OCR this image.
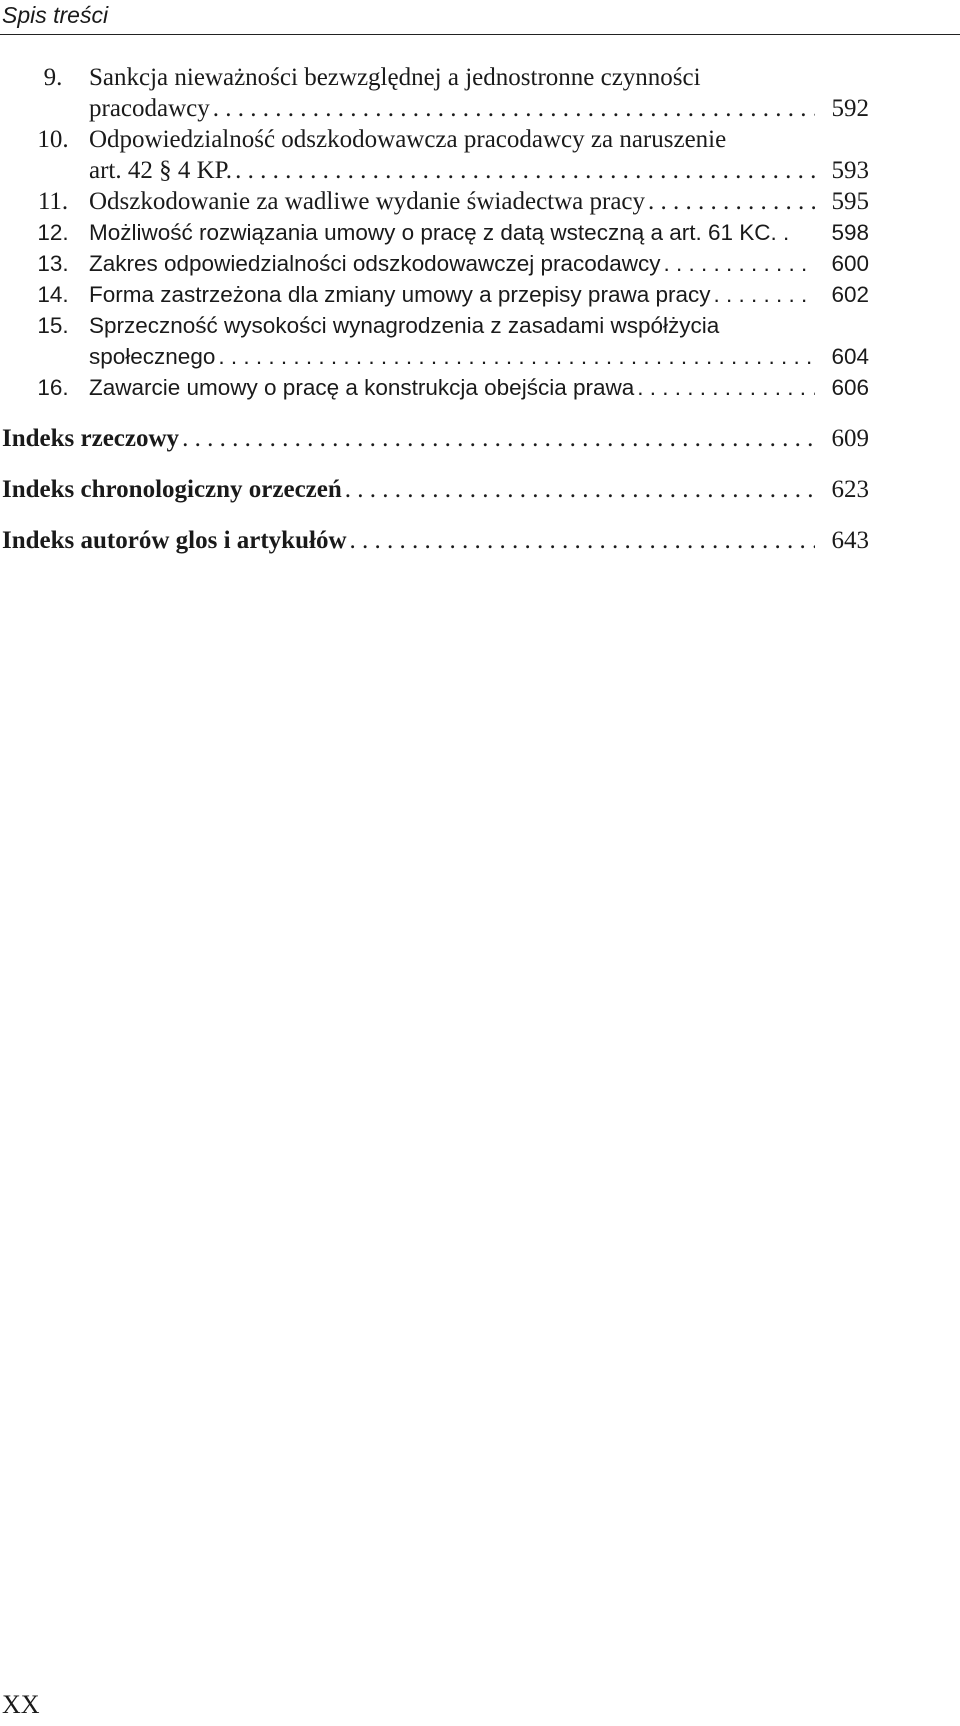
Spis treści
9.	Sankcja nieważności bezwzględnej a jednostronne czynności
pracodawcy . . .	592
10. Odpowiedzialność odszkodowawcza pracodawcy za naruszenie
art. 42 § 4 KP. . . .	593
11. Odszkodowanie za wadliwe wydanie świadectwa pracy . . .	595
12. Możliwość rozwiązania umowy o pracę z datą wsteczną a art. 61 KC. .	598
13. Zakres odpowiedzialności odszkodowawczej pracodawcy . . .	600
14. Forma zastrzeżona dla zmiany umowy a przepisy prawa pracy . . .	602
15. Sprzeczność wysokości wynagrodzenia z zasadami współżycia
społecznego . . .	604
16. Zawarcie umowy o pracę a konstrukcja obejścia prawa . . .	606
Indeks rzeczowy . . .	609
Indeks chronologiczny orzeczeń . . .	623
Indeks autorów glos i artykułów . . .	643
XX
